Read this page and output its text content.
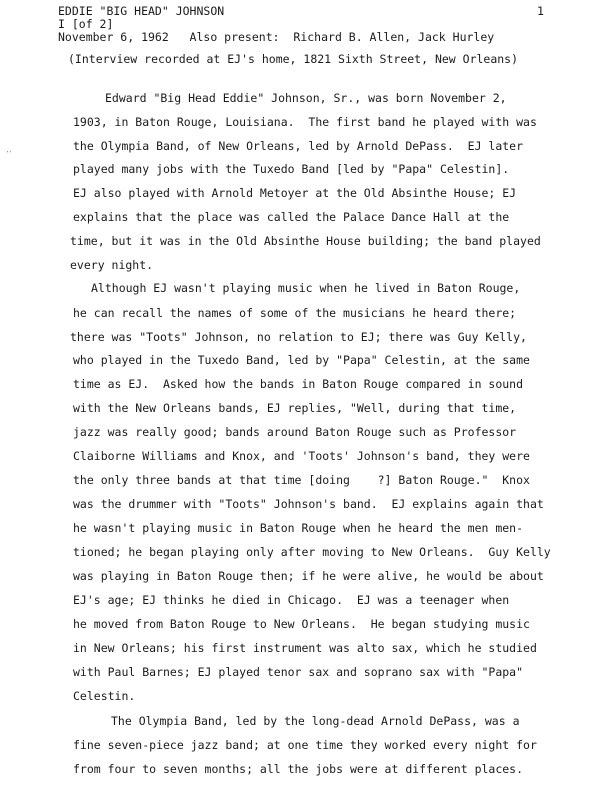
EDDIE "BIG HEAD" JOHNSON	1
I [of 2]
November 6, 1962   Also present:  Richard B. Allen, Jack Hurley
(Interview recorded at EJ's home, 1821 Sixth Street, New Orleans)
‧‧
Edward "Big Head Eddie" Johnson, Sr., was born November 2,
1903, in Baton Rouge, Louisiana.  The first band he played with was
the Olympia Band, of New Orleans, led by Arnold DePass.  EJ later
played many jobs with the Tuxedo Band [led by "Papa" Celestin].
EJ also played with Arnold Metoyer at the Old Absinthe House; EJ
explains that the place was called the Palace Dance Hall at the
time, but it was in the Old Absinthe House building; the band played
every night.
Although EJ wasn't playing music when he lived in Baton Rouge,
he can recall the names of some of the musicians he heard there;
there was "Toots" Johnson, no relation to EJ; there was Guy Kelly,
who played in the Tuxedo Band, led by "Papa" Celestin, at the same
time as EJ.  Asked how the bands in Baton Rouge compared in sound
with the New Orleans bands, EJ replies, "Well, during that time,
jazz was really good; bands around Baton Rouge such as Professor
Claiborne Williams and Knox, and 'Toots' Johnson's band, they were
the only three bands at that time [doing    ?] Baton Rouge."  Knox
was the drummer with "Toots" Johnson's band.  EJ explains again that
he wasn't playing music in Baton Rouge when he heard the men men-
tioned; he began playing only after moving to New Orleans.  Guy Kelly
was playing in Baton Rouge then; if he were alive, he would be about
EJ's age; EJ thinks he died in Chicago.  EJ was a teenager when
he moved from Baton Rouge to New Orleans.  He began studying music
in New Orleans; his first instrument was alto sax, which he studied
with Paul Barnes; EJ played tenor sax and soprano sax with "Papa"
Celestin.
The Olympia Band, led by the long-dead Arnold DePass, was a
fine seven-piece jazz band; at one time they worked every night for
from four to seven months; all the jobs were at different places.
